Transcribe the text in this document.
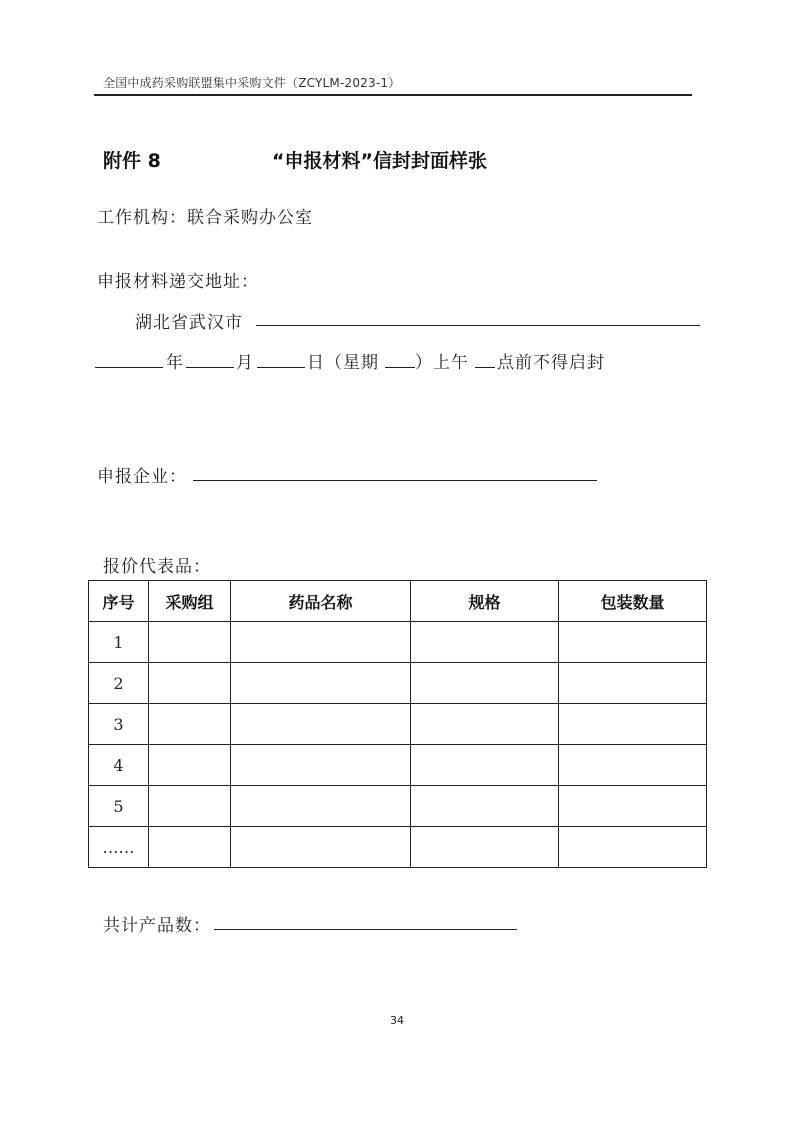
全国中成药采购联盟集中采购文件（ZCYLM-2023-1）
附件 8	“申报材料”信封封面样张
工作机构：联合采购办公室
申报材料递交地址：
湖北省武汉市
年	月	日（星期 ）上午 点前不得启封
申报企业：
报价代表品：
序号	采购组	药品名称	规格	包装数量
1				
2				
3				
4				
5				
……				
共计产品数：
34
